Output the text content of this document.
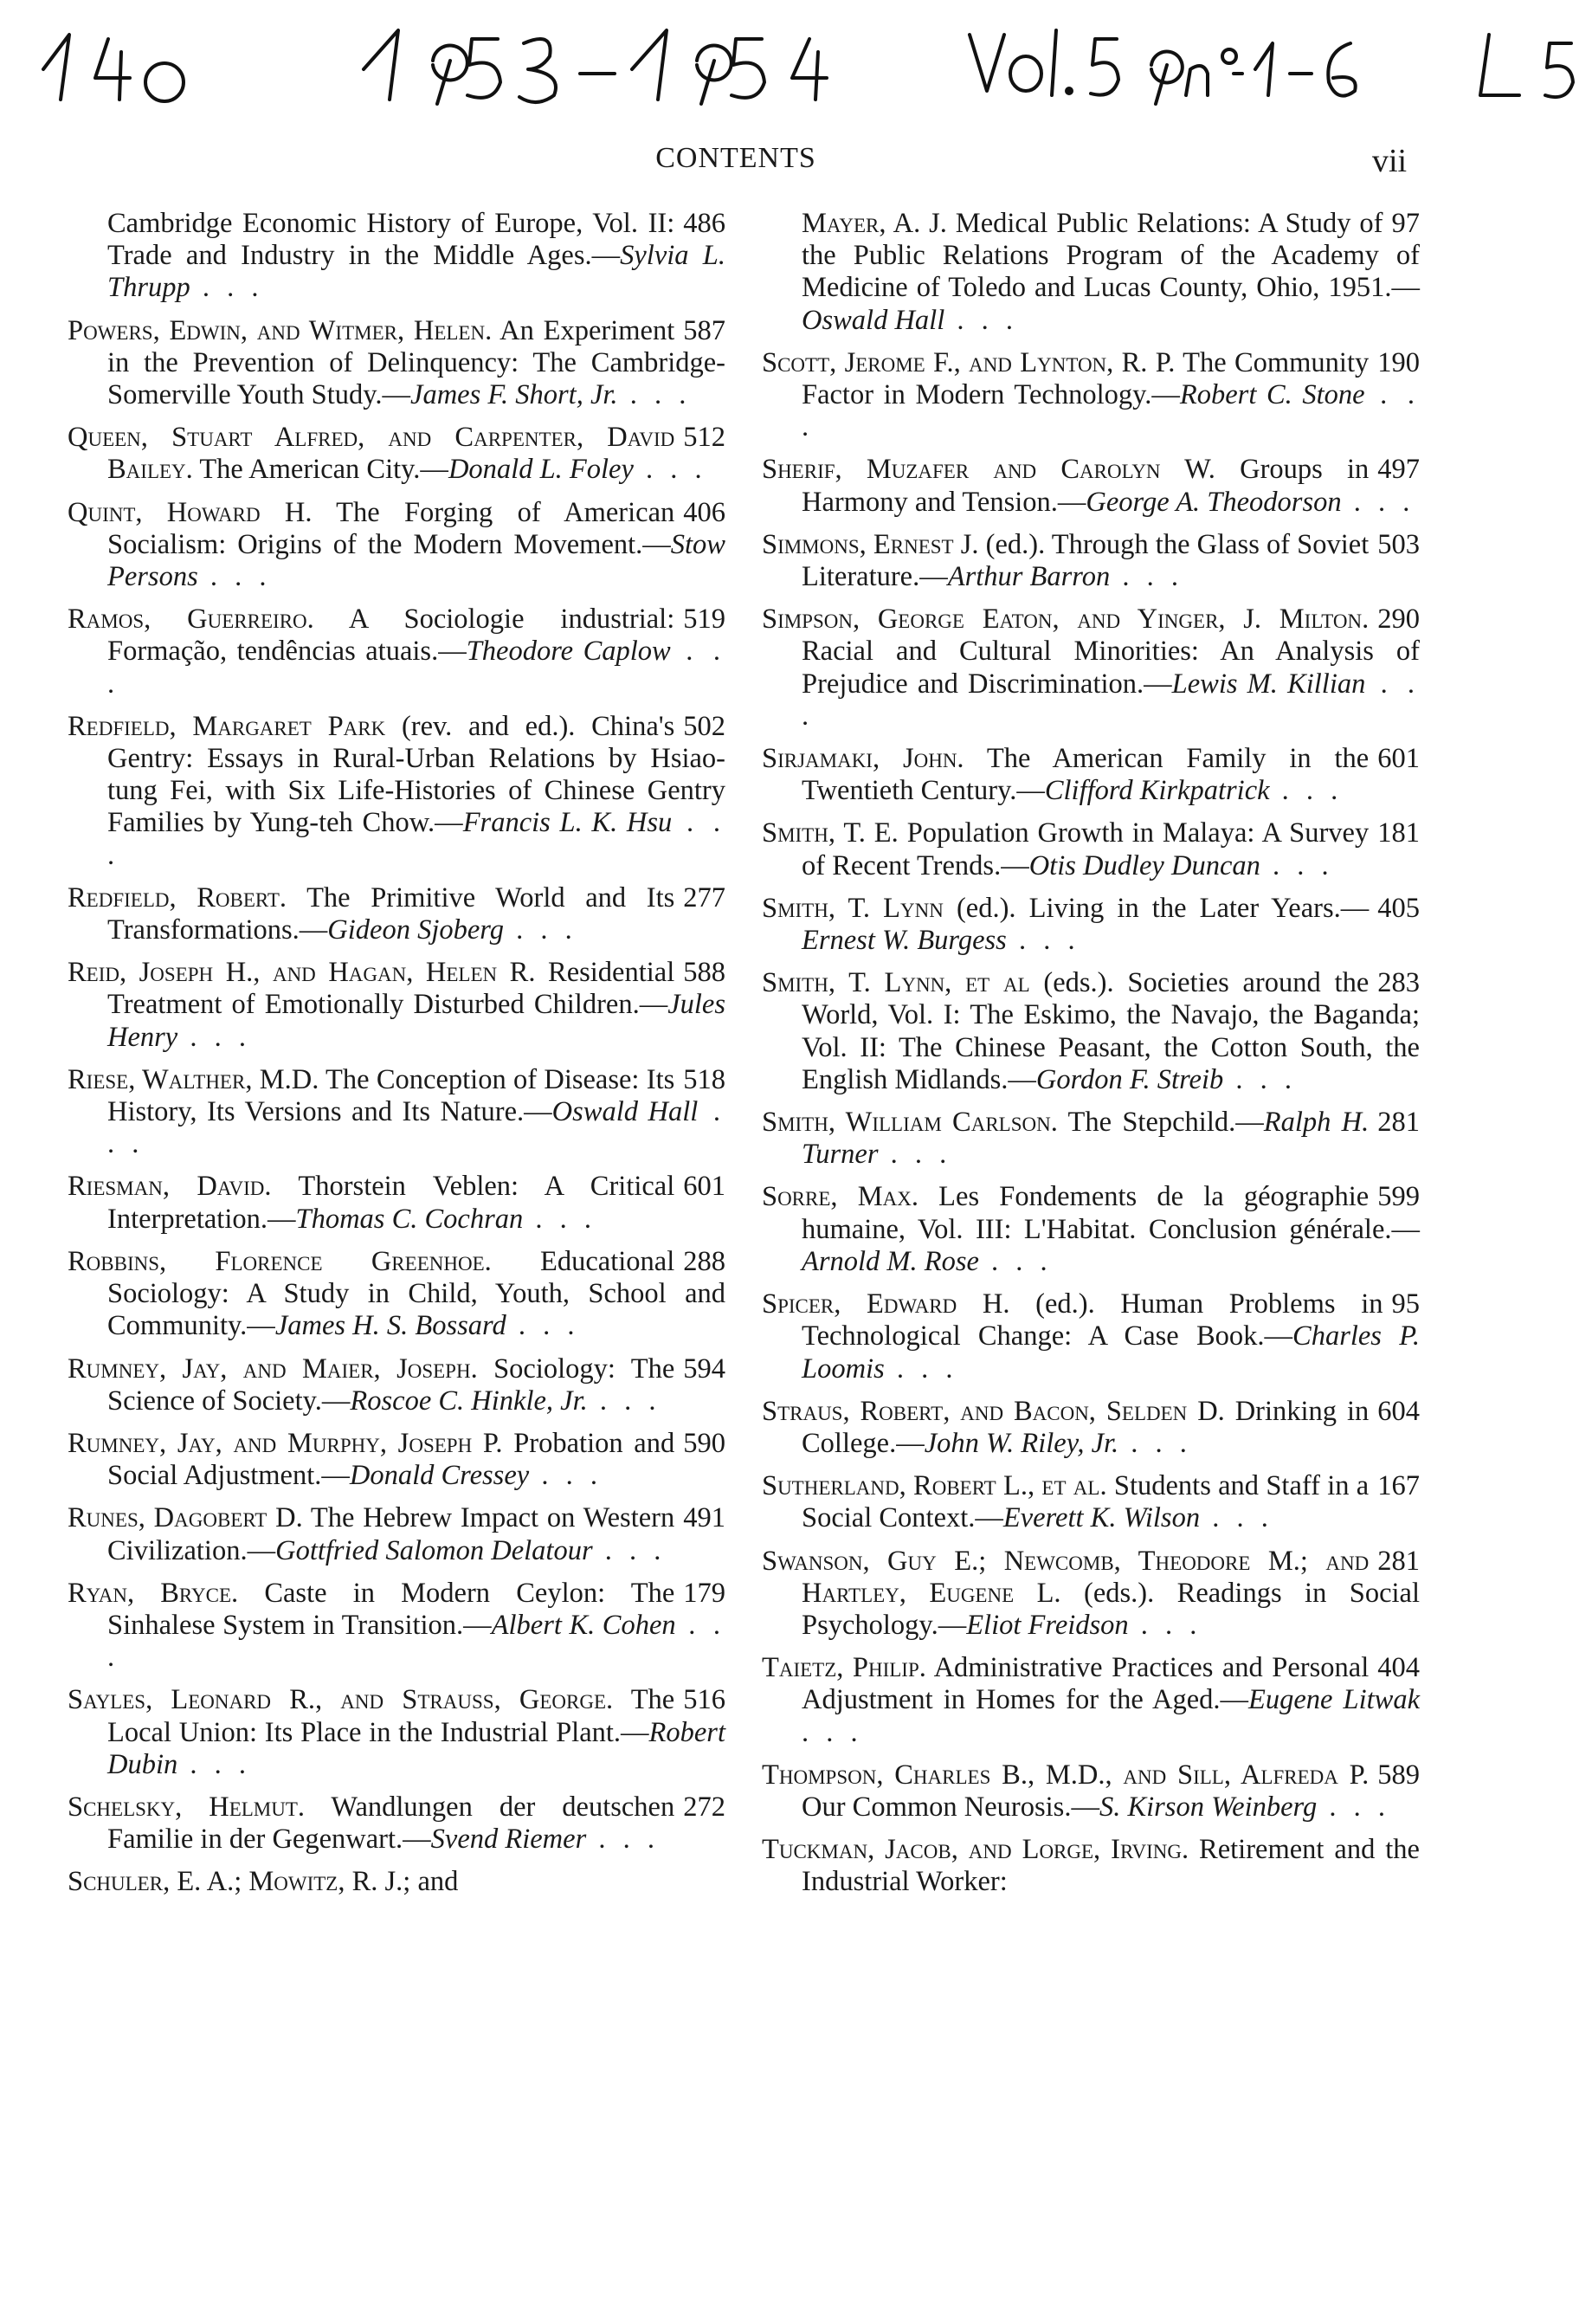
CONTENTS	vii

486
Cambridge Economic History of Europe, Vol. II: Trade and Industry in the Middle Ages.—Sylvia L. Thrupp . . .

587
Powers, Edwin, and Witmer, Helen. An Experiment in the Prevention of Delinquency: The Cambridge-Somerville Youth Study.—James F. Short, Jr. . . .

512
Queen, Stuart Alfred, and Carpenter, David Bailey. The American City.—Donald L. Foley . . .

406
Quint, Howard H. The Forging of American Socialism: Origins of the Modern Movement.—Stow Persons . . .

519
Ramos, Guerreiro. A Sociologie industrial: Formação, tendências atuais.—Theodore Caplow . . .

502
Redfield, Margaret Park (rev. and ed.). China's Gentry: Essays in Rural-Urban Relations by Hsiao-tung Fei, with Six Life-Histories of Chinese Gentry Families by Yung-teh Chow.—Francis L. K. Hsu . . .

277
Redfield, Robert. The Primitive World and Its Transformations.—Gideon Sjoberg . . .

588
Reid, Joseph H., and Hagan, Helen R. Residential Treatment of Emotionally Disturbed Children.—Jules Henry . . .

518
Riese, Walther, M.D. The Conception of Disease: Its History, Its Versions and Its Nature.—Oswald Hall . . .

601
Riesman, David. Thorstein Veblen: A Critical Interpretation.—Thomas C. Cochran . . .

288
Robbins, Florence Greenhoe. Educational Sociology: A Study in Child, Youth, School and Community.—James H. S. Bossard . . .

594
Rumney, Jay, and Maier, Joseph. Sociology: The Science of Society.—Roscoe C. Hinkle, Jr. . . .

590
Rumney, Jay, and Murphy, Joseph P. Probation and Social Adjustment.—Donald Cressey . . .

491
Runes, Dagobert D. The Hebrew Impact on Western Civilization.—Gottfried Salomon Delatour . . .

179
Ryan, Bryce. Caste in Modern Ceylon: The Sinhalese System in Transition.—Albert K. Cohen . . .

516
Sayles, Leonard R., and Strauss, George. The Local Union: Its Place in the Industrial Plant.—Robert Dubin . . .

272
Schelsky, Helmut. Wandlungen der deutschen Familie in der Gegenwart.—Svend Riemer . . .

Schuler, E. A.; Mowitz, R. J.; and

97
Mayer, A. J. Medical Public Relations: A Study of the Public Relations Program of the Academy of Medicine of Toledo and Lucas County, Ohio, 1951.—Oswald Hall . . .

190
Scott, Jerome F., and Lynton, R. P. The Community Factor in Modern Technology.—Robert C. Stone . . .

497
Sherif, Muzafer and Carolyn W. Groups in Harmony and Tension.—George A. Theodorson . . .

503
Simmons, Ernest J. (ed.). Through the Glass of Soviet Literature.—Arthur Barron . . .

290
Simpson, George Eaton, and Yinger, J. Milton. Racial and Cultural Minorities: An Analysis of Prejudice and Discrimination.—Lewis M. Killian . . .

601
Sirjamaki, John. The American Family in the Twentieth Century.—Clifford Kirkpatrick . . .

181
Smith, T. E. Population Growth in Malaya: A Survey of Recent Trends.—Otis Dudley Duncan . . .

405
Smith, T. Lynn (ed.). Living in the Later Years.—Ernest W. Burgess . . .

283
Smith, T. Lynn, et al (eds.). Societies around the World, Vol. I: The Eskimo, the Navajo, the Baganda; Vol. II: The Chinese Peasant, the Cotton South, the English Midlands.—Gordon F. Streib . . .

281
Smith, William Carlson. The Stepchild.—Ralph H. Turner . . .

599
Sorre, Max. Les Fondements de la géographie humaine, Vol. III: L'Habitat. Conclusion générale.—Arnold M. Rose . . .

95
Spicer, Edward H. (ed.). Human Problems in Technological Change: A Case Book.—Charles P. Loomis . . .

604
Straus, Robert, and Bacon, Selden D. Drinking in College.—John W. Riley, Jr. . . .

167
Sutherland, Robert L., et al. Students and Staff in a Social Context.—Everett K. Wilson . . .

281
Swanson, Guy E.; Newcomb, Theodore M.; and Hartley, Eugene L. (eds.). Readings in Social Psychology.—Eliot Freidson . . .

404
Taietz, Philip. Administrative Practices and Personal Adjustment in Homes for the Aged.—Eugene Litwak . . .

589
Thompson, Charles B., M.D., and Sill, Alfreda P. Our Common Neurosis.—S. Kirson Weinberg . . .

Tuckman, Jacob, and Lorge, Irving. Retirement and the Industrial Worker:
